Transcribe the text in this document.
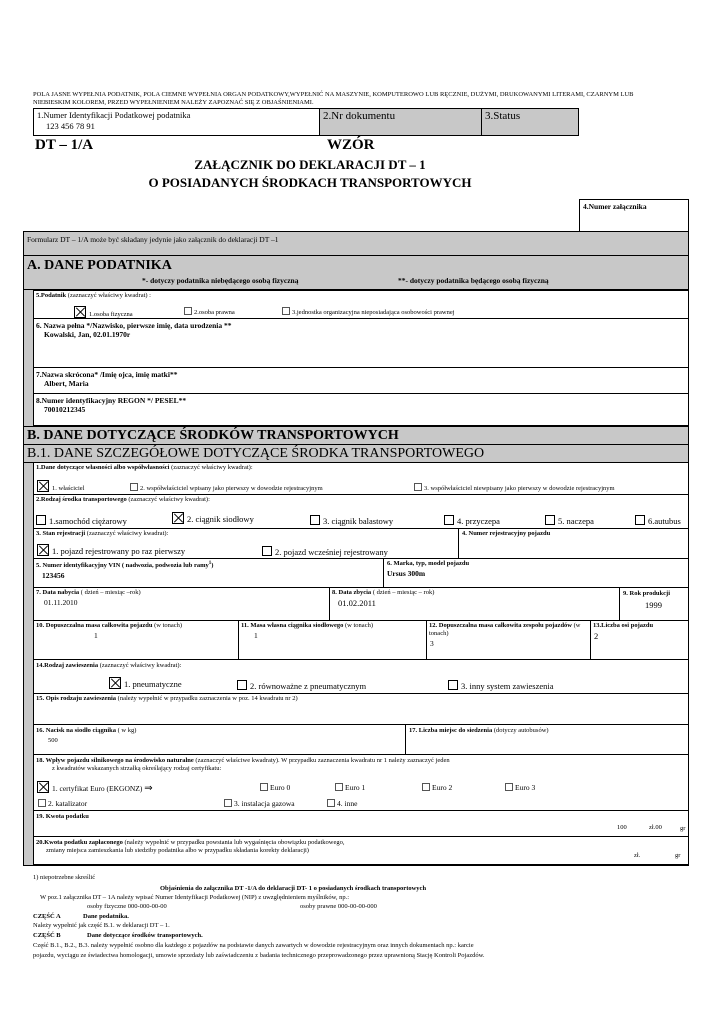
POLA JASNE WYPEŁNIA PODATNIK, POLA CIEMNE WYPEŁNIA ORGAN PODATKOWY,WYPEŁNIĆ NA MASZYNIE, KOMPUTEROWO LUB RĘCZNIE, DUŻYMI, DRUKOWANYMI LITERAMI, CZARNYM LUB NIEBIESKIM KOLOREM, PRZED WYPEŁNIENIEM NALEŻY ZAPOZNAĆ SIĘ Z OBJAŚNIENIAMI.
1.Numer Identyfikacji Podatkowej podatnika
123 456 78 91
2.Nr dokumentu	3.Status
DT – 1/A	WZÓR
ZAŁĄCZNIK DO DEKLARACJI DT – 1
O POSIADANYCH ŚRODKACH TRANSPORTOWYCH
4.Numer załącznika
Formularz DT – 1/A może być składany jedynie jako załącznik do deklaracji DT –1
A. DANE PODATNIKA
*- dotyczy podatnika niebędącego osobą fizyczną	**- dotyczy podatnika będącego osobą fizyczną
5.Podatnik (zaznaczyć właściwy kwadrat) :
1.osoba fizyczna	2.osoba prawna	3.jednostka organizacyjna nieposiadająca osobowości prawnej
6. Nazwa pełna */Nazwisko, pierwsze imię, data urodzenia **
Kowalski, Jan, 02.01.1970r
7.Nazwa skrócona* /Imię ojca, imię matki**
Albert, Maria
8.Numer identyfikacyjny REGON */ PESEL**
70010212345
B. DANE DOTYCZĄCE ŚRODKÓW TRANSPORTOWYCH
B.1. DANE SZCZEGÓŁOWE DOTYCZĄCE ŚRODKA TRANSPORTOWEGO
1.Dane dotyczące własności albo współwłasności (zaznaczyć właściwy kwadrat):
1. właściciel	2. współwłaściciel wpisany jako pierwszy w dowodzie rejestracyjnym	3. współwłaściciel niewpisany jako pierwszy w dowodzie rejestracyjnym
2.Rodzaj środka transportowego (zaznaczyć właściwy kwadrat):
1.samochód ciężarowy	2. ciągnik siodłowy	3. ciągnik balastowy	4. przyczepa	5. naczepa	6.autubus
3. Stan rejestracji (zaznaczyć właściwy kwadrat):
1. pojazd rejestrowany po raz pierwszy	2. pojazd wcześniej rejestrowany
4. Numer rejestracyjny pojazdu
5. Numer identyfikacyjny VIN ( nadwozia, podwozia lub ramy$^1$)
123456
6. Marka, typ, model pojazdu
Ursus 300m
7. Data nabycia ( dzień – miesiąc –rok)
01.11.2010
8. Data zbycia ( dzień – miesiąc – rok)
01.02.2011
9. Rok produkcji
1999
10. Dopuszczalna masa całkowita pojazdu (w tonach)
1
11. Masa własna ciągnika siodłowego (w tonach)
1
12. Dopuszczalna masa całkowita zespołu pojazdów (w tonach)
3
13.Liczba osi pojazdu
2
14.Rodzaj zawieszenia (zaznaczyć właściwy kwadrat):
1. pneumatyczne	2. równoważne z pneumatycznym	3. inny system zawieszenia
15. Opis rodzaju zawieszenia (należy wypełnić w przypadku zaznaczenia w poz. 14 kwadratu nr 2)
16. Nacisk na siodło ciągnika ( w kg)
500
17. Liczba miejsc do siedzenia (dotyczy autobusów)
18. Wpływ pojazdu silnikowego na środowisko naturalne (zaznaczyć właściwe kwadraty). W przypadku zaznaczenia kwadratu nr 1 należy zaznaczyć jeden
z kwadratów wskazanych strzałką określający rodzaj certyfikatu:
1. certyfikat Euro (EKGONZ) ⇒	Euro 0	Euro 1	Euro 2	Euro 3
2. katalizator	3. instalacja gazowa	4. inne
19. Kwota podatku
100	zł.00	gr
20.Kwota podatku zapłaconego (należy wypełnić w przypadku powstania lub wygaśnięcia obowiązku podatkowego,
zmiany miejsca zamieszkania lub siedziby podatnika albo w przypadku składania korekty deklaracji)
zł.	gr
1) niepotrzebne skreślić
Objaśnienia do załącznika DT -1/A do deklaracji DT- 1 o posiadanych środkach transportowych
W poz.1 załącznika DT – 1A należy wpisać Numer Identyfikacji Podatkowej (NIP) z uwzględnieniem myślników, np.:
osoby fizyczne 000-000-00-00	osoby prawne 000-00-00-000
CZĘŚĆ A	Dane podatnika.
Należy wypełnić jak część B.1. w deklaracji DT – 1.
CZĘŚĆ B	Dane dotyczące środków transportowych.
Część B.1., B.2., B.3. należy wypełnić osobno dla każdego z pojazdów na podstawie danych zawartych w dowodzie rejestracyjnym oraz innych dokumentach np.: karcie
pojazdu, wyciągu ze świadectwa homologacji, umowie sprzedaży lub zaświadczeniu z badania technicznego przeprowadzonego przez uprawnioną Stację Kontroli Pojazdów.
